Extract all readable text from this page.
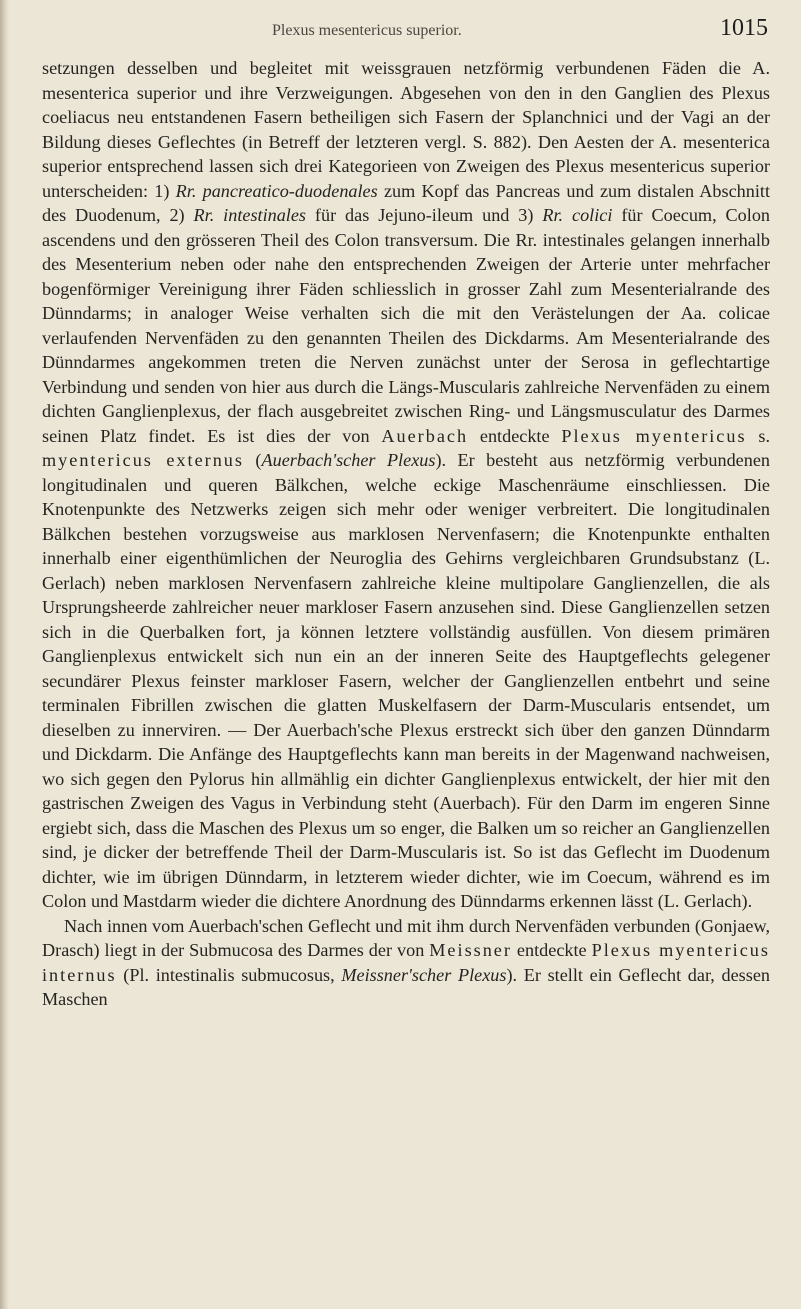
Plexus mesentericus superior.	1015

setzungen desselben und begleitet mit weissgrauen netzförmig verbundenen Fäden die A. mesenterica superior und ihre Verzweigungen. Abgesehen von den in den Ganglien des Plexus coeliacus neu entstandenen Fasern betheiligen sich Fasern der Splanchnici und der Vagi an der Bildung dieses Geflechtes (in Betreff der letzteren vergl. S. 882). Den Aesten der A. mesenterica superior entsprechend lassen sich drei Kategorieen von Zweigen des Plexus mesentericus superior unterscheiden: 1) Rr. pancreatico-duodenales zum Kopf das Pancreas und zum distalen Abschnitt des Duodenum, 2) Rr. intestinales für das Jejuno-ileum und 3) Rr. colici für Coecum, Colon ascendens und den grösseren Theil des Colon transversum. Die Rr. intestinales gelangen innerhalb des Mesenterium neben oder nahe den entsprechenden Zweigen der Arterie unter mehrfacher bogenförmiger Vereinigung ihrer Fäden schliesslich in grosser Zahl zum Mesenterialrande des Dünndarms; in analoger Weise verhalten sich die mit den Verästelungen der Aa. colicae verlaufenden Nervenfäden zu den genannten Theilen des Dickdarms. Am Mesenterialrande des Dünndarmes angekommen treten die Nerven zunächst unter der Serosa in geflechtartige Verbindung und senden von hier aus durch die Längs-Muscularis zahlreiche Nervenfäden zu einem dichten Ganglienplexus, der flach ausgebreitet zwischen Ring- und Längsmusculatur des Darmes seinen Platz findet. Es ist dies der von Auerbach entdeckte Plexus myentericus s. myentericus externus (Auerbach'scher Plexus). Er besteht aus netzförmig verbundenen longitudinalen und queren Bälkchen, welche eckige Maschenräume einschliessen. Die Knotenpunkte des Netzwerks zeigen sich mehr oder weniger verbreitert. Die longitudinalen Bälkchen bestehen vorzugsweise aus marklosen Nervenfasern; die Knotenpunkte enthalten innerhalb einer eigenthümlichen der Neuroglia des Gehirns vergleichbaren Grundsubstanz (L. Gerlach) neben marklosen Nervenfasern zahlreiche kleine multipolare Ganglienzellen, die als Ursprungsheerde zahlreicher neuer markloser Fasern anzusehen sind. Diese Ganglienzellen setzen sich in die Querbalken fort, ja können letztere vollständig ausfüllen. Von diesem primären Ganglienplexus entwickelt sich nun ein an der inneren Seite des Hauptgeflechts gelegener secundärer Plexus feinster markloser Fasern, welcher der Ganglienzellen entbehrt und seine terminalen Fibrillen zwischen die glatten Muskelfasern der Darm-Muscularis entsendet, um dieselben zu innerviren. — Der Auerbach'sche Plexus erstreckt sich über den ganzen Dünndarm und Dickdarm. Die Anfänge des Hauptgeflechts kann man bereits in der Magenwand nachweisen, wo sich gegen den Pylorus hin allmählig ein dichter Ganglienplexus entwickelt, der hier mit den gastrischen Zweigen des Vagus in Verbindung steht (Auerbach). Für den Darm im engeren Sinne ergiebt sich, dass die Maschen des Plexus um so enger, die Balken um so reicher an Ganglienzellen sind, je dicker der betreffende Theil der Darm-Muscularis ist. So ist das Geflecht im Duodenum dichter, wie im übrigen Dünndarm, in letzterem wieder dichter, wie im Coecum, während es im Colon und Mastdarm wieder die dichtere Anordnung des Dünndarms erkennen lässt (L. Gerlach).

Nach innen vom Auerbach'schen Geflecht und mit ihm durch Nervenfäden verbunden (Gonjaew, Drasch) liegt in der Submucosa des Darmes der von Meissner entdeckte Plexus myentericus internus (Pl. intestinalis submucosus, Meissner'scher Plexus). Er stellt ein Geflecht dar, dessen Maschen
